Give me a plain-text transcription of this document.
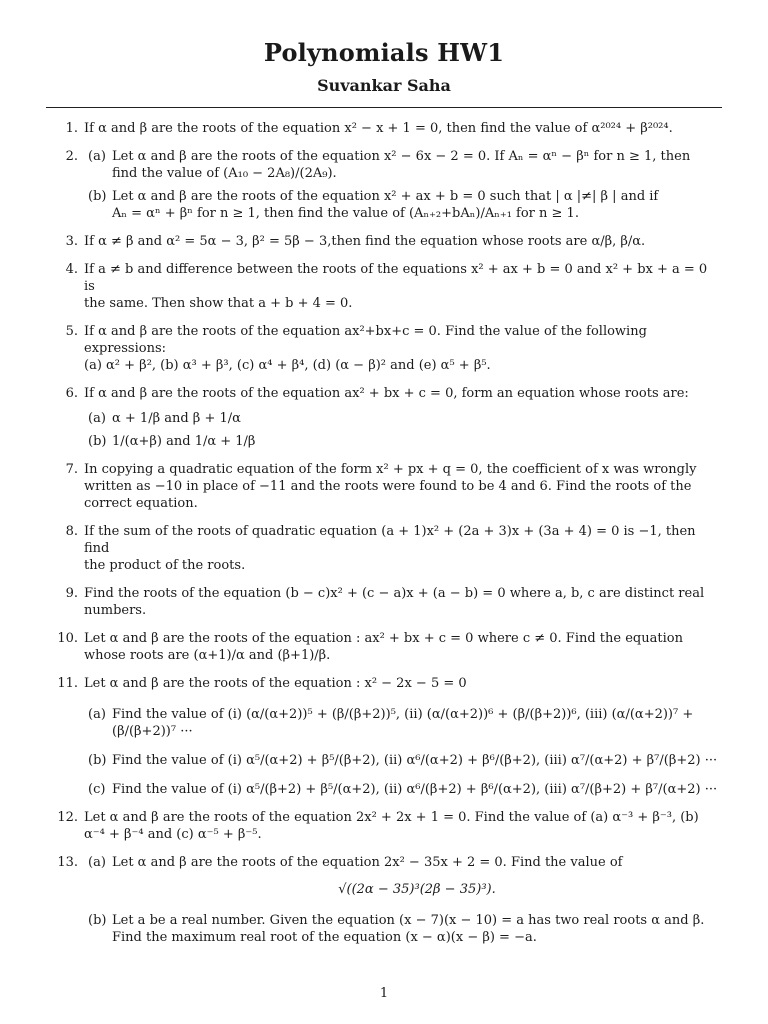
Polynomials HW1
Suvankar Saha
1. If α and β are the roots of the equation x² − x + 1 = 0, then find the value of α²⁰²⁴ + β²⁰²⁴.
2. (a) Let α and β are the roots of the equation x² − 6x − 2 = 0. If Aₙ = αⁿ − βⁿ for n ≥ 1, then
find the value of (A₁₀ − 2A₈)/(2A₉).
(b) Let α and β are the roots of the equation x² + ax + b = 0 such that | α |≠| β | and if
Aₙ = αⁿ + βⁿ for n ≥ 1, then find the value of (Aₙ₊₂+bAₙ)/Aₙ₊₁ for n ≥ 1.
3. If α ≠ β and α² = 5α − 3, β² = 5β − 3,then find the equation whose roots are α/β, β/α.
4. If a ≠ b and difference between the roots of the equations x² + ax + b = 0 and x² + bx + a = 0 is
the same. Then show that a + b + 4 = 0.
5. If α and β are the roots of the equation ax²+bx+c = 0. Find the value of the following expressions:
(a) α² + β², (b) α³ + β³, (c) α⁴ + β⁴, (d) (α − β)² and (e) α⁵ + β⁵.
6. If α and β are the roots of the equation ax² + bx + c = 0, form an equation whose roots are:
(a) α + 1/β and β + 1/α
(b) 1/(α+β) and 1/α + 1/β
7. In copying a quadratic equation of the form x² + px + q = 0, the coefficient of x was wrongly
written as −10 in place of −11 and the roots were found to be 4 and 6. Find the roots of the
correct equation.
8. If the sum of the roots of quadratic equation (a + 1)x² + (2a + 3)x + (3a + 4) = 0 is −1, then find
the product of the roots.
9. Find the roots of the equation (b − c)x² + (c − a)x + (a − b) = 0 where a, b, c are distinct real
numbers.
10. Let α and β are the roots of the equation : ax² + bx + c = 0 where c ≠ 0. Find the equation
whose roots are (α+1)/α and (β+1)/β.
11. Let α and β are the roots of the equation : x² − 2x − 5 = 0
(a) Find the value of (i) (α/(α+2))⁵ + (β/(β+2))⁵, (ii) (α/(α+2))⁶ + (β/(β+2))⁶, (iii) (α/(α+2))⁷ + (β/(β+2))⁷ ···
(b) Find the value of (i) α⁵/(α+2) + β⁵/(β+2), (ii) α⁶/(α+2) + β⁶/(β+2), (iii) α⁷/(α+2) + β⁷/(β+2) ···
(c) Find the value of (i) α⁵/(β+2) + β⁵/(α+2), (ii) α⁶/(β+2) + β⁶/(α+2), (iii) α⁷/(β+2) + β⁷/(α+2) ···
12. Let α and β are the roots of the equation 2x² + 2x + 1 = 0. Find the value of (a) α⁻³ + β⁻³, (b)
α⁻⁴ + β⁻⁴ and (c) α⁻⁵ + β⁻⁵.
13. (a) Let α and β are the roots of the equation 2x² − 35x + 2 = 0. Find the value of
√((2α − 35)³(2β − 35)³).
(b) Let a be a real number. Given the equation (x − 7)(x − 10) = a has two real roots α and β.
Find the maximum real root of the equation (x − α)(x − β) = −a.
1
